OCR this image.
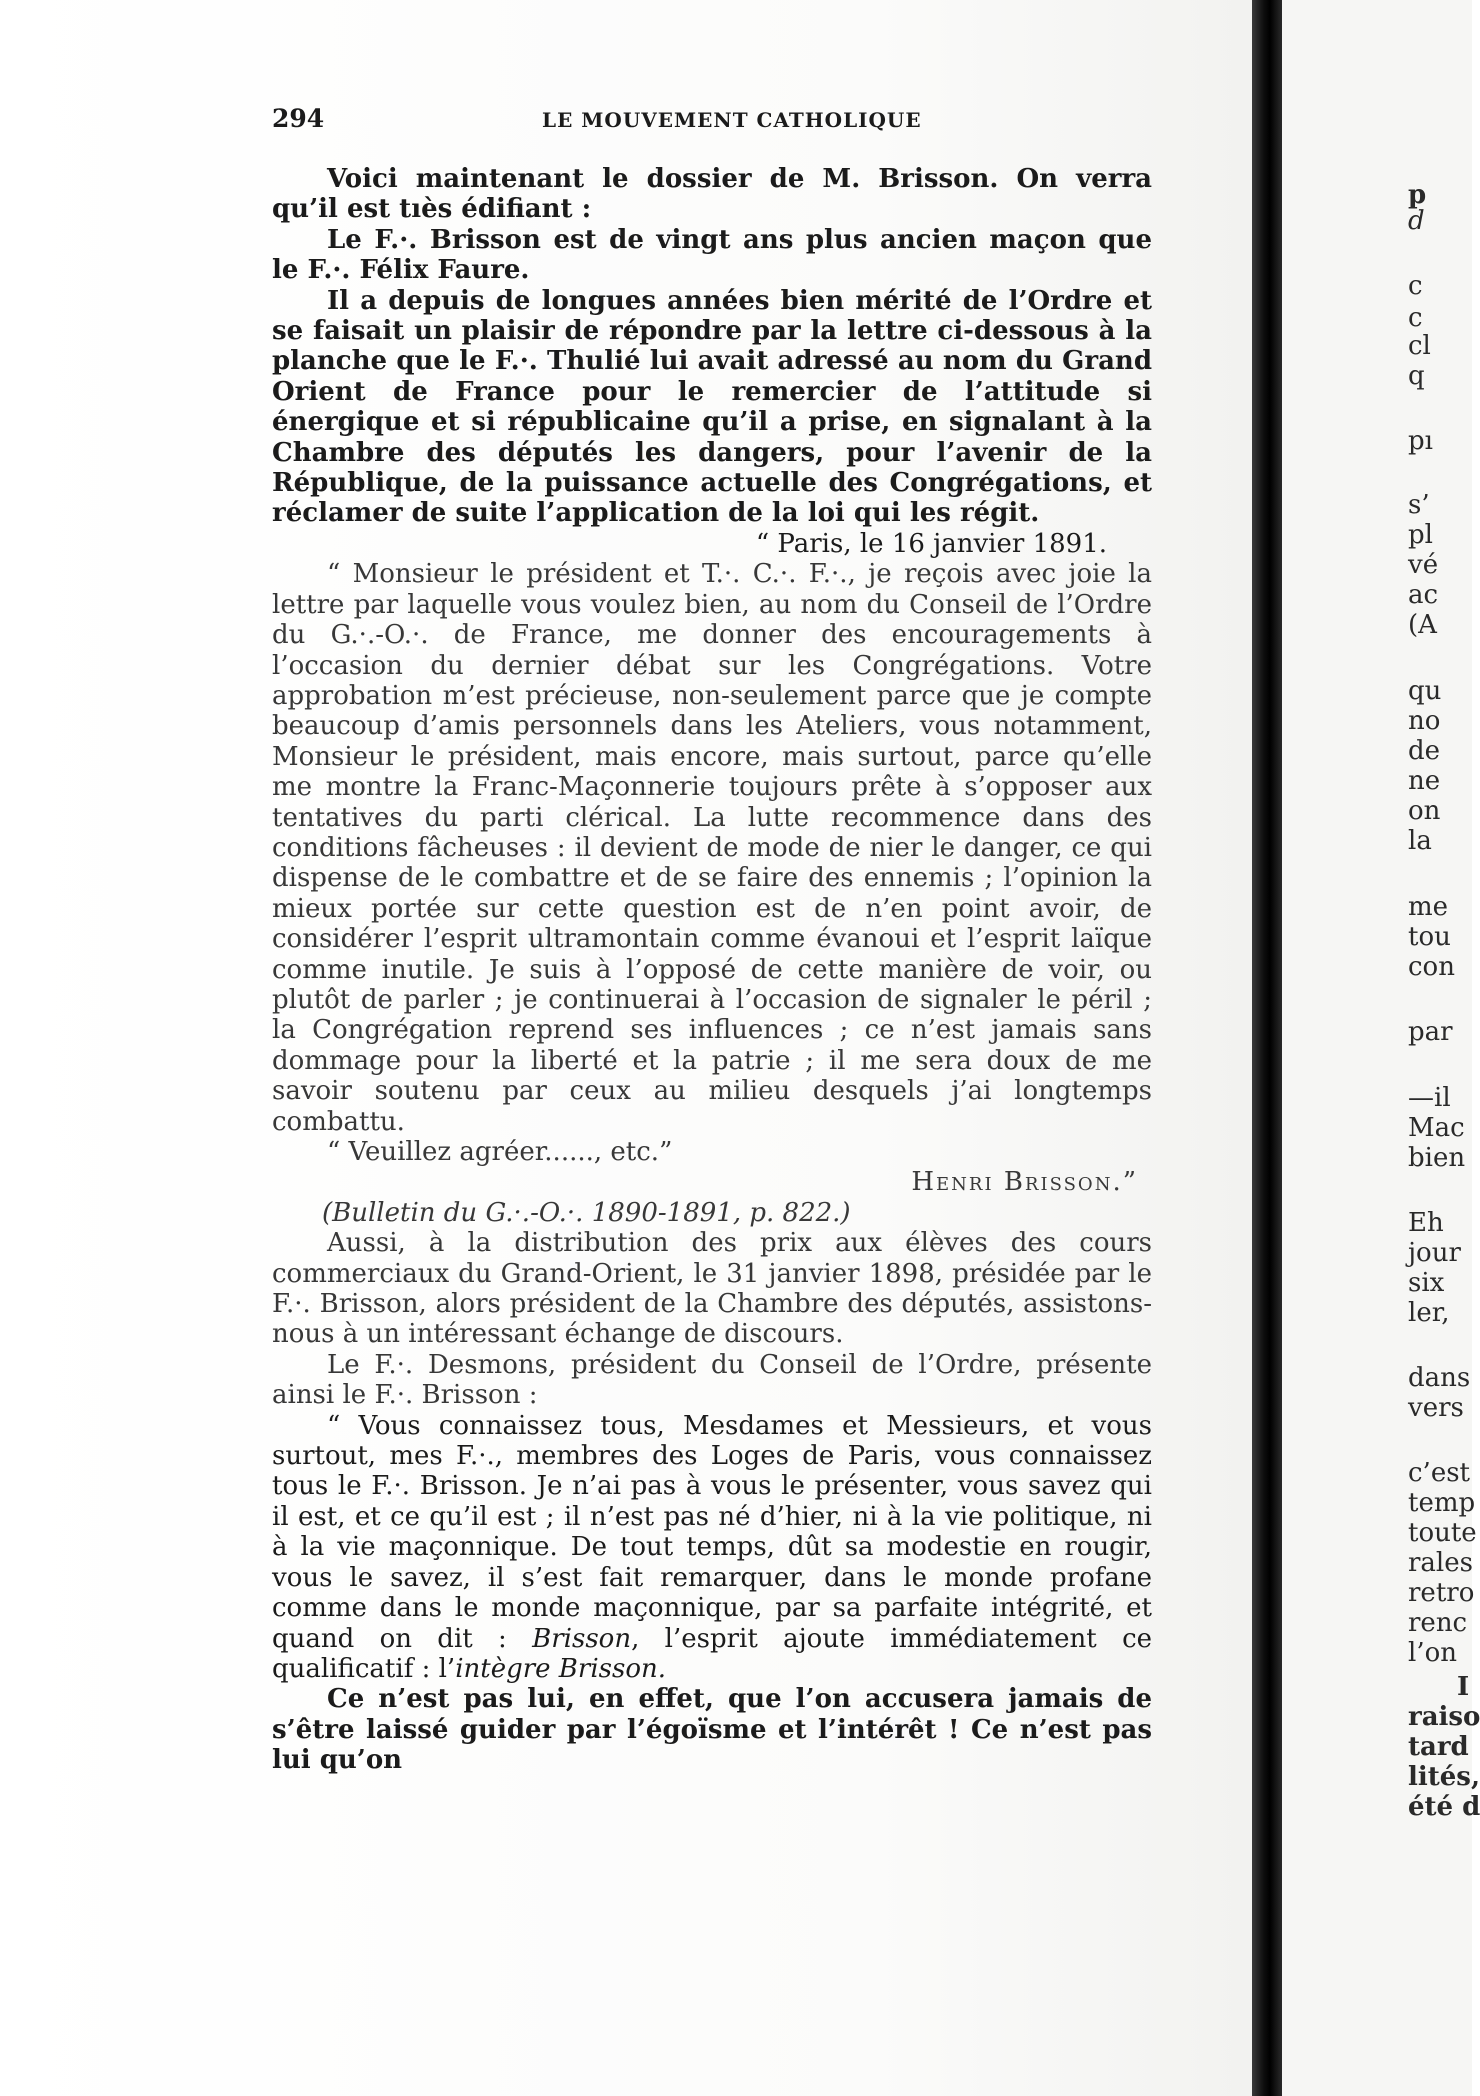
294	LE MOUVEMENT CATHOLIQUE

Voici maintenant le dossier de M. Brisson. On verra qu’il est tıès édifiant :

Le F.·. Brisson est de vingt ans plus ancien maçon que le F.·. Félix Faure.

Il a depuis de longues années bien mérité de l’Ordre et se faisait un plaisir de répondre par la lettre ci-dessous à la planche que le F.·. Thulié lui avait adressé au nom du Grand Orient de France pour le remercier de l’attitude si énergique et si républicaine qu’il a prise, en signalant à la Chambre des députés les dangers, pour l’avenir de la République, de la puissance actuelle des Congrégations, et réclamer de suite l’application de la loi qui les régit.

“ Paris, le 16 janvier 1891.

“ Monsieur le président et T.·. C.·. F.·., je reçois avec joie la lettre par laquelle vous voulez bien, au nom du Conseil de l’Ordre du G.·.-O.·. de France, me donner des encouragements à l’occasion du dernier débat sur les Congrégations. Votre approbation m’est précieuse, non-seulement parce que je compte beaucoup d’amis personnels dans les Ateliers, vous notamment, Monsieur le président, mais encore, mais surtout, parce qu’elle me montre la Franc-Maçonnerie toujours prête à s’opposer aux tentatives du parti clérical. La lutte recommence dans des conditions fâcheuses : il devient de mode de nier le danger, ce qui dispense de le combattre et de se faire des ennemis ; l’opinion la mieux portée sur cette question est de n’en point avoir, de considérer l’esprit ultramontain comme évanoui et l’esprit laïque comme inutile. Je suis à l’opposé de cette manière de voir, ou plutôt de parler ; je continuerai à l’occasion de signaler le péril ; la Congrégation reprend ses influences ; ce n’est jamais sans dommage pour la liberté et la patrie ; il me sera doux de me savoir soutenu par ceux au milieu desquels j’ai longtemps combattu.

“ Veuillez agréer......, etc.”

Henri Brisson.”

(Bulletin du G.·.-O.·. 1890-1891, p. 822.)

Aussi, à la distribution des prix aux élèves des cours commerciaux du Grand-Orient, le 31 janvier 1898, présidée par le F.·. Brisson, alors président de la Chambre des députés, assistons-nous à un intéressant échange de discours.

Le F.·. Desmons, président du Conseil de l’Ordre, présente ainsi le F.·. Brisson :

“ Vous connaissez tous, Mesdames et Messieurs, et vous surtout, mes F.·., membres des Loges de Paris, vous connaissez tous le F.·. Brisson. Je n’ai pas à vous le présenter, vous savez qui il est, et ce qu’il est ; il n’est pas né d’hier, ni à la vie politique, ni à la vie maçonnique. De tout temps, dût sa modestie en rougir, vous le savez, il s’est fait remarquer, dans le monde profane comme dans le monde maçonnique, par sa parfaite intégrité, et quand on dit : Brisson, l’esprit ajoute immédiatement ce qualificatif : l’intègre Brisson.

Ce n’est pas lui, en effet, que l’on accusera jamais de s’être laissé guider par l’égoïsme et l’intérêt ! Ce n’est pas lui qu’on

p
d
c
c
cl
q
pı
s’
pl
vé
ac
(A
qu
no
de
ne
on
la
me
tou
con
par
—il
Mac
bien
Eh
jour
six
ler,
dans
vers
c’est
temp
toute
rales
retro
renc
l’on
I
raiso
tard
lités,
été d
